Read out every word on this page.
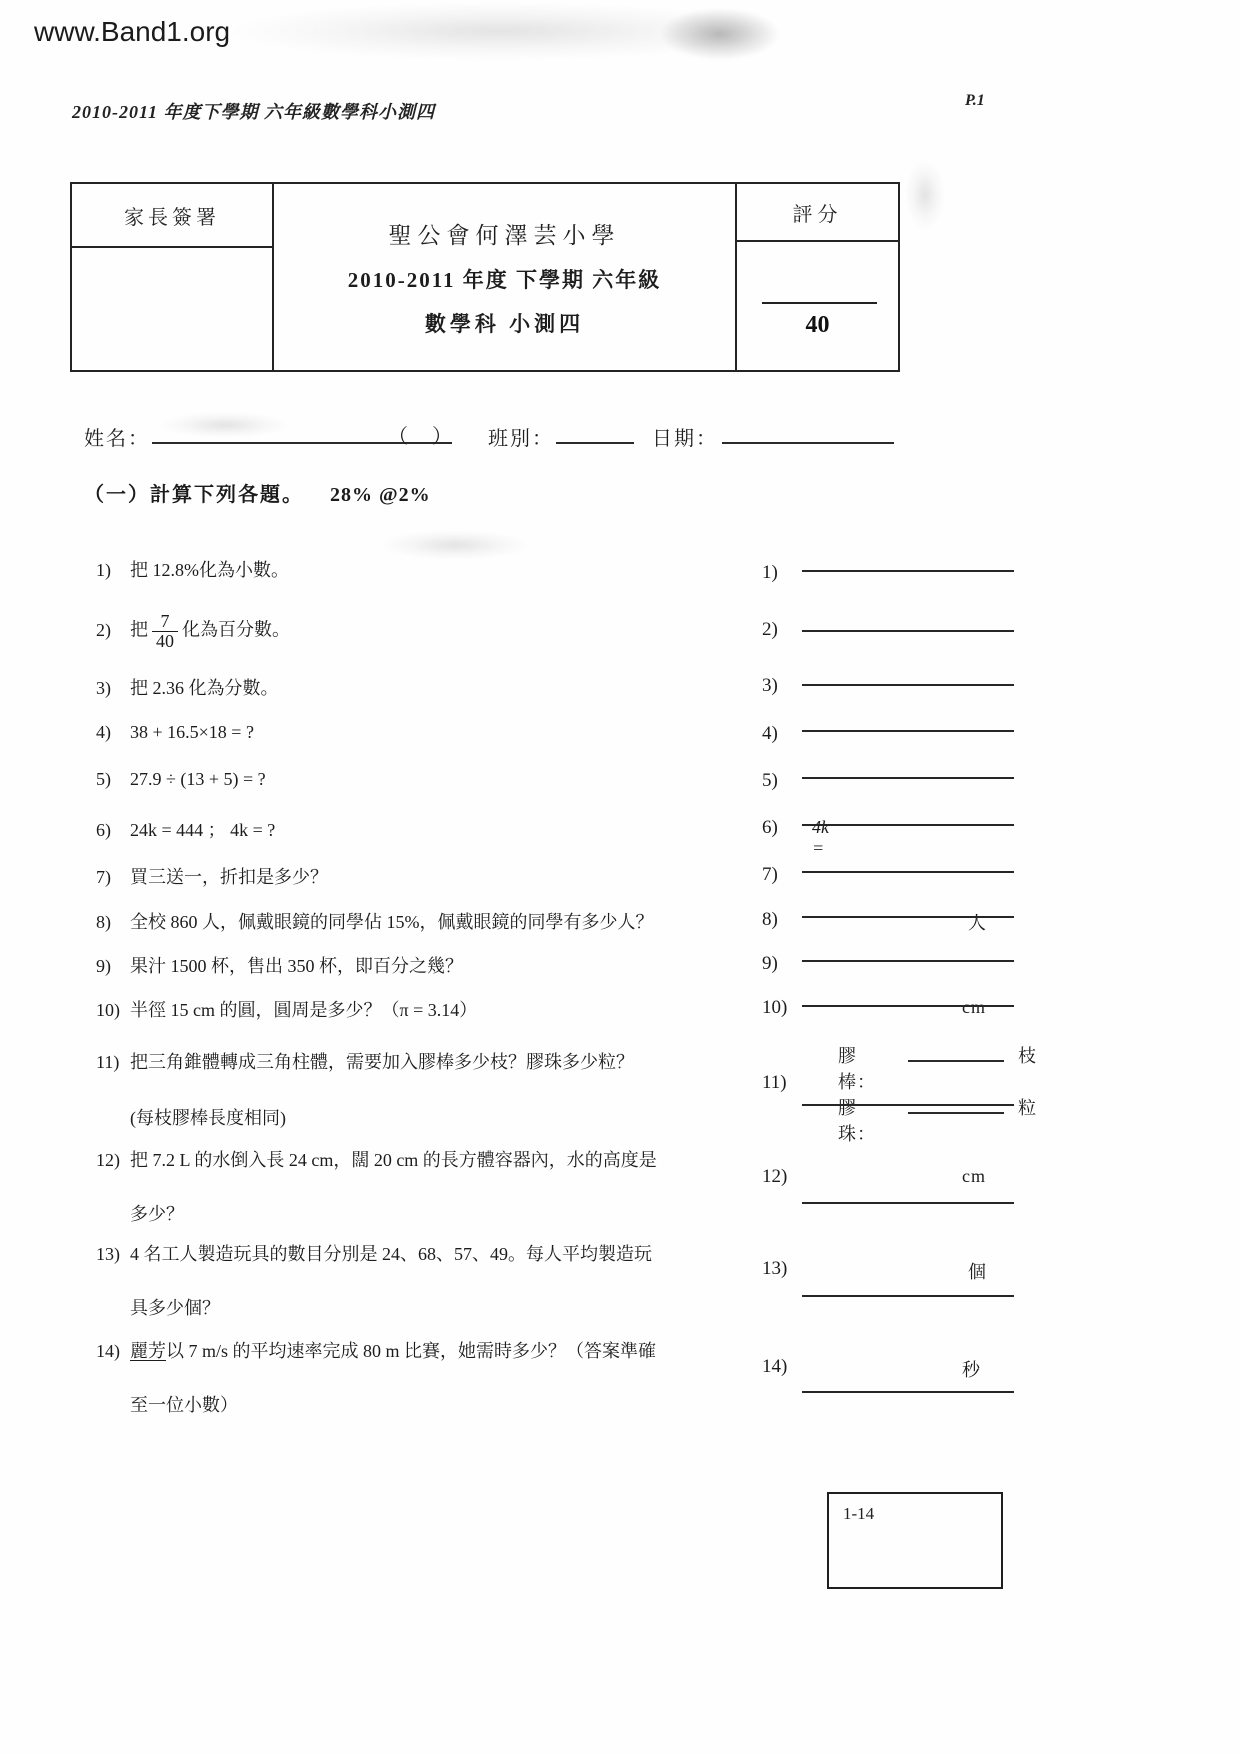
www.Band1.org
2010-2011 年度下學期 六年級數學科小測四
P.1
家長簽署
聖公會何澤芸小學
2010-2011 年度 下學期 六年級
數學科 小測四
評分
40
姓名：	（ ） 班別：	日期：
（一）計算下列各題。 28% @2%
1) 把 12.8%化為小數。
2) 把 $\frac{7}{40}$ 化為百分數。
3) 把 2.36 化為分數。
4) 38 + 16.5×18 = ?
5) 27.9 ÷ (13 + 5) = ?
6) 24k = 444 ； 4k = ?
7) 買三送一，折扣是多少？
8) 全校 860 人，佩戴眼鏡的同學佔 15%，佩戴眼鏡的同學有多少人？
9) 果汁 1500 杯，售出 350 杯，即百分之幾？
10) 半徑 15 cm 的圓，圓周是多少？（π = 3.14）
11) 把三角錐體轉成三角柱體，需要加入膠棒多少枝？膠珠多少粒？
(每枝膠棒長度相同)
12) 把 7.2 L 的水倒入長 24 cm，闊 20 cm 的長方體容器內，水的高度是
多少？
13) 4 名工人製造玩具的數目分別是 24、68、57、49。每人平均製造玩
具多少個？
14) 麗芳以 7 m/s 的平均速率完成 80 m 比賽，她需時多少？（答案準確
至一位小數）
1)
2)
3)
4)
5)
6)	4k =
7)
8)	人
9)
10)	cm
11)
膠棒：
枝
膠珠：
粒
12)	cm
13)	個
14)	秒
1-14
